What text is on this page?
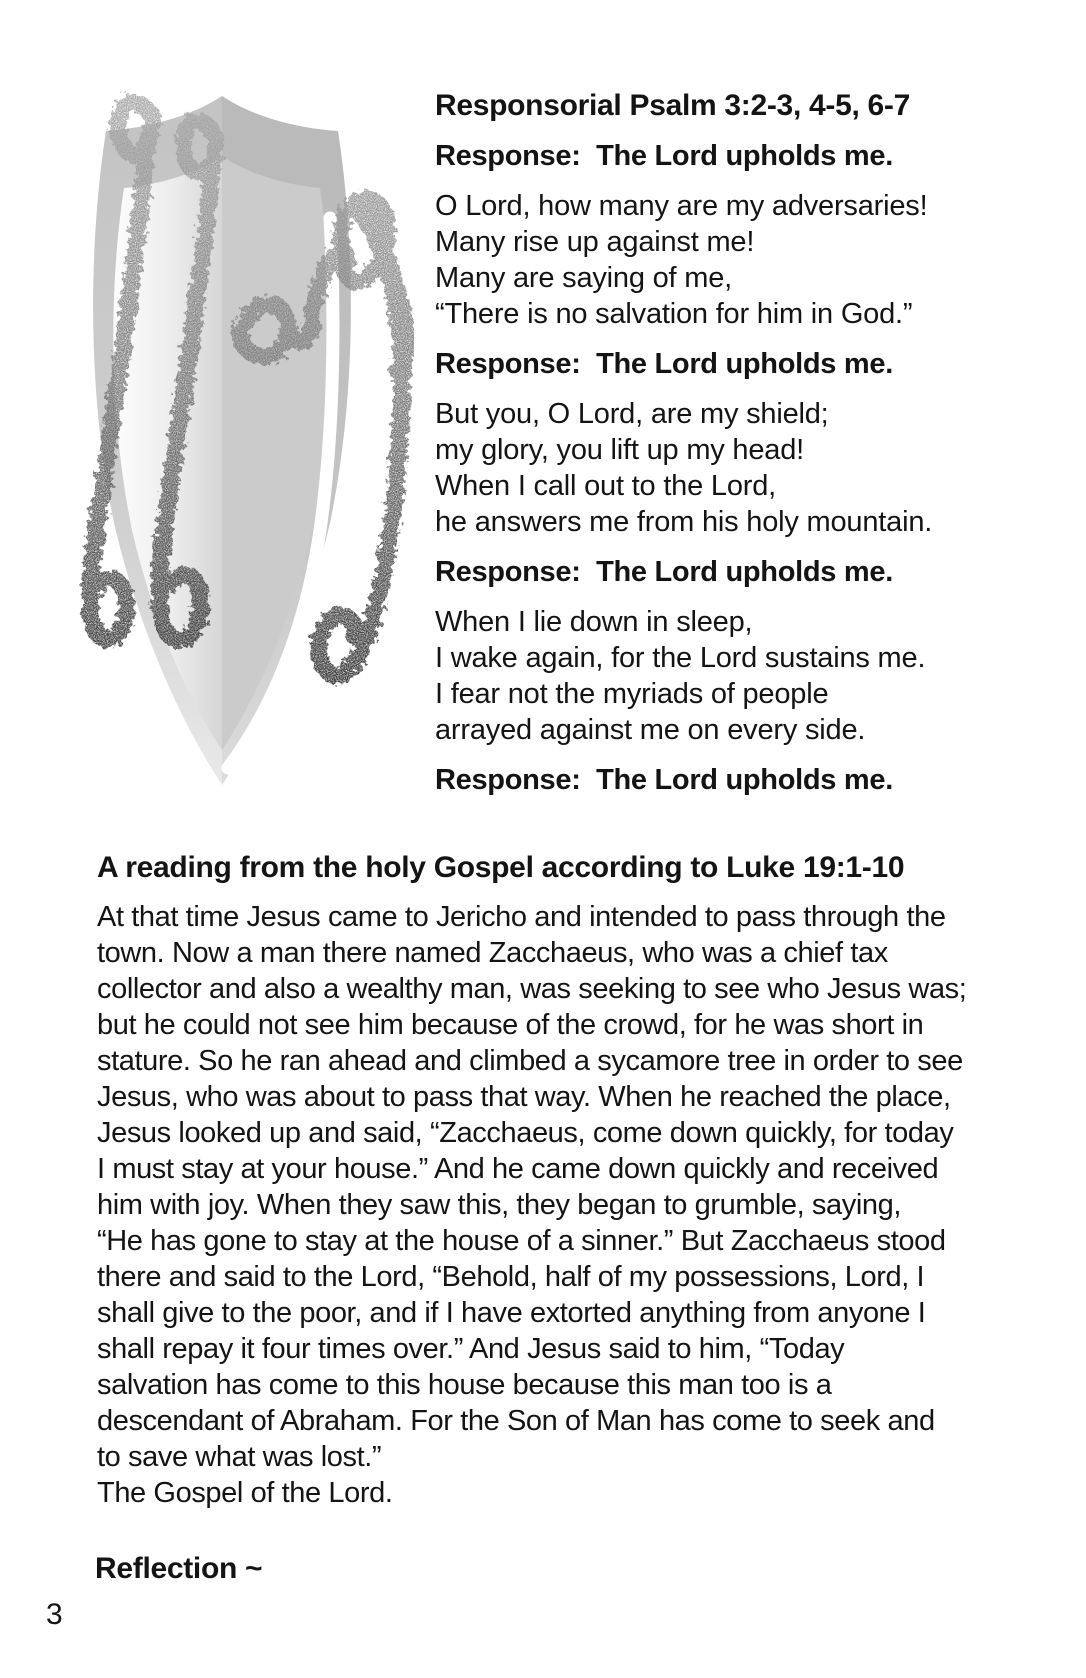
Responsorial Psalm 3:2-3, 4-5, 6-7

Response:  The Lord upholds me.

O Lord, how many are my adversaries!
Many rise up against me!
Many are saying of me,
“There is no salvation for him in God.”

Response:  The Lord upholds me.

But you, O Lord, are my shield;
my glory, you lift up my head!
When I call out to the Lord,
he answers me from his holy mountain.

Response:  The Lord upholds me.

When I lie down in sleep,
I wake again, for the Lord sustains me.
I fear not the myriads of people
arrayed against me on every side.

Response:  The Lord upholds me.

A reading from the holy Gospel according to Luke 19:1-10
At that time Jesus came to Jericho and intended to pass through the
town. Now a man there named Zacchaeus, who was a chief tax
collector and also a wealthy man, was seeking to see who Jesus was;
but he could not see him because of the crowd, for he was short in
stature. So he ran ahead and climbed a sycamore tree in order to see
Jesus, who was about to pass that way. When he reached the place,
Jesus looked up and said, “Zacchaeus, come down quickly, for today
I must stay at your house.” And he came down quickly and received
him with joy. When they saw this, they began to grumble, saying,
“He has gone to stay at the house of a sinner.” But Zacchaeus stood
there and said to the Lord, “Behold, half of my possessions, Lord, I
shall give to the poor, and if I have extorted anything from anyone I
shall repay it four times over.” And Jesus said to him, “Today
salvation has come to this house because this man too is a
descendant of Abraham. For the Son of Man has come to seek and
to save what was lost.”
The Gospel of the Lord.
Reflection ~
3
